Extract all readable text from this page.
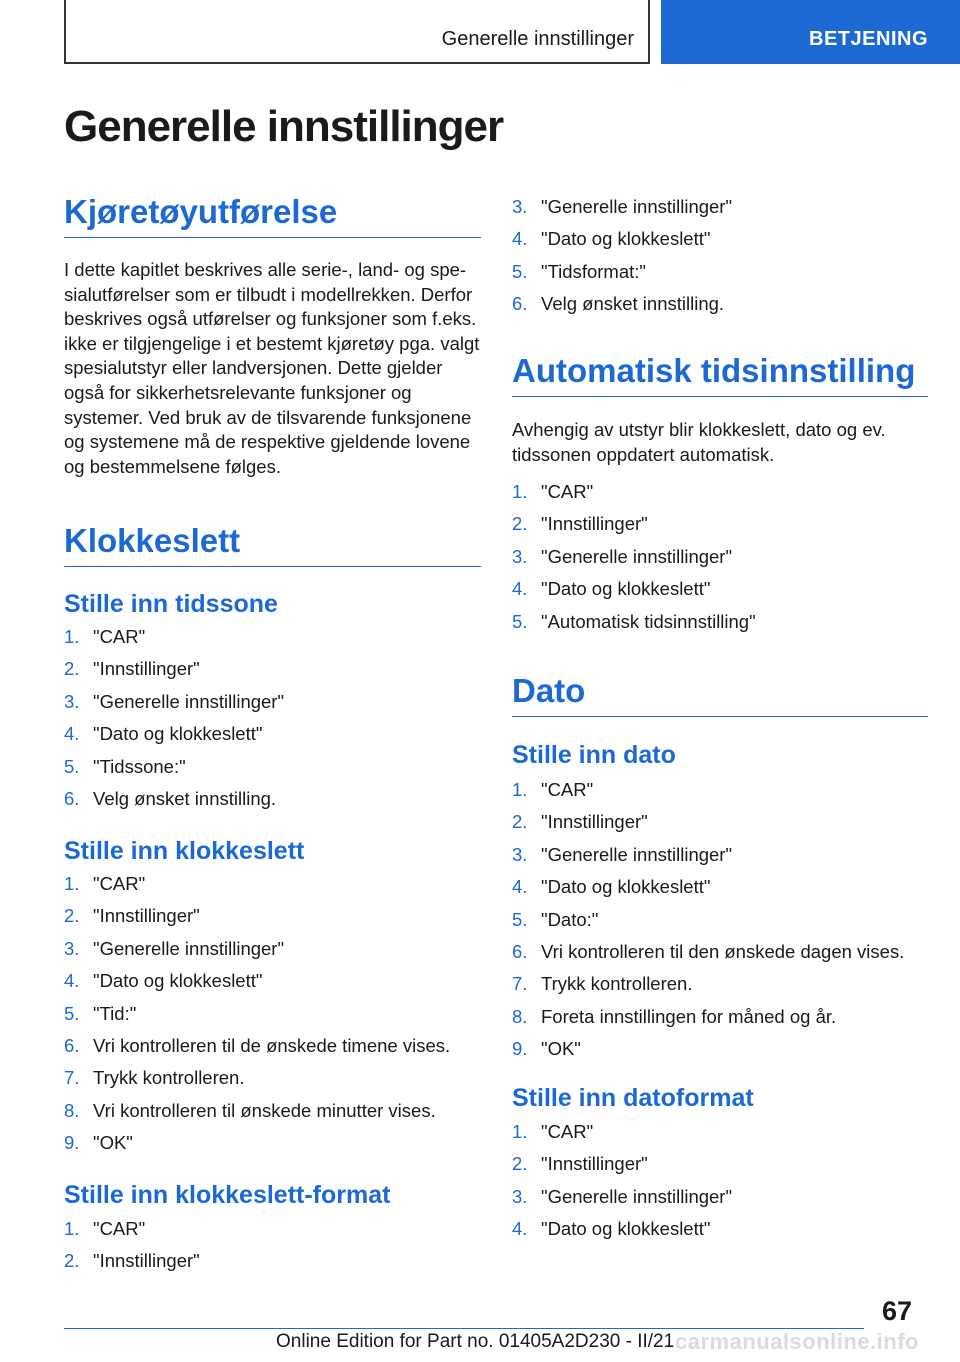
Generelle innstillinger	BETJENING
Generelle innstillinger
Kjøretøyutførelse

I dette kapitlet beskrives alle serie-, land- og spesialutførelser som er tilbudt i modellrekken. Derfor beskrives også utførelser og funksjoner som f.eks. ikke er tilgjengelige i et bestemt kjøretøy pga. valgt spesialutstyr eller landversjonen. Dette gjelder også for sikkerhetsrelevante funksjoner og systemer. Ved bruk av de tilsvarende funksjonene og systemene må de respektive gjeldende lovene og bestemmelsene følges.

Klokkeslett
Stille inn tidssone
1. "CAR"
2. "Innstillinger"
3. "Generelle innstillinger"
4. "Dato og klokkeslett"
5. "Tidssone:"
6. Velg ønsket innstilling.
Stille inn klokkeslett
1. "CAR"
2. "Innstillinger"
3. "Generelle innstillinger"
4. "Dato og klokkeslett"
5. "Tid:"
6. Vri kontrolleren til de ønskede timene vises.
7. Trykk kontrolleren.
8. Vri kontrolleren til ønskede minutter vises.
9. "OK"
Stille inn klokkeslett-format
1. "CAR"
2. "Innstillinger"
3. "Generelle innstillinger"
4. "Dato og klokkeslett"
5. "Tidsformat:"
6. Velg ønsket innstilling.
Automatisk tidsinnstilling

Avhengig av utstyr blir klokkeslett, dato og ev. tidssonen oppdatert automatisk.

1. "CAR"
2. "Innstillinger"
3. "Generelle innstillinger"
4. "Dato og klokkeslett"
5. "Automatisk tidsinnstilling"
Dato
Stille inn dato
1. "CAR"
2. "Innstillinger"
3. "Generelle innstillinger"
4. "Dato og klokkeslett"
5. "Dato:"
6. Vri kontrolleren til den ønskede dagen vises.
7. Trykk kontrolleren.
8. Foreta innstillingen for måned og år.
9. "OK"
Stille inn datoformat
1. "CAR"
2. "Innstillinger"
3. "Generelle innstillinger"
4. "Dato og klokkeslett"
67
Online Edition for Part no. 01405A2D230 - II/21 carmanualsonline.info
